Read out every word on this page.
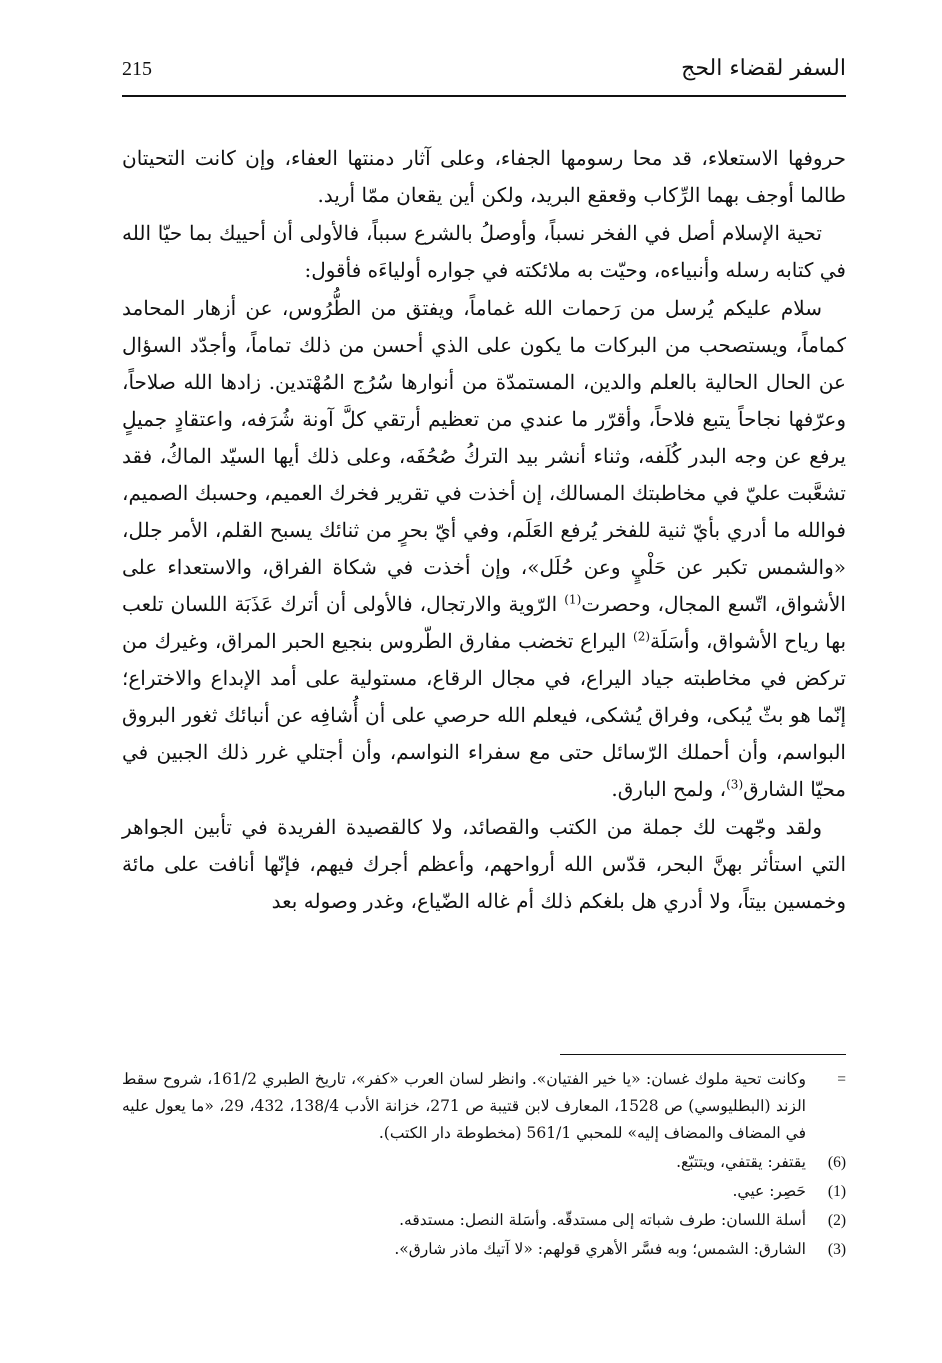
215	السفر لقضاء الحج

حروفها الاستعلاء، قد محا رسومها الجفاء، وعلى آثار دمنتها العفاء، وإن كانت التحيتان طالما أوجف بهما الرِّكاب وقعقع البريد، ولكن أين يقعان ممّا أريد.

تحية الإسلام أصل في الفخر نسباً، وأوصلُ بالشرع سبباً، فالأولى أن أحييك بما حيّا الله في كتابه رسله وأنبياءه، وحيّت به ملائكته في جواره أولياءَه فأقول:

سلام عليكم يُرسل من رَحمات الله غماماً، ويفتق من الطُّرُوس، عن أزهار المحامد كماماً، ويستصحب من البركات ما يكون على الذي أحسن من ذلك تماماً، وأجدّد السؤال عن الحال الحالية بالعلم والدين، المستمدّة من أنوارها سُرُج المُهْتدين. زادها الله صلاحاً، وعرّفها نجاحاً يتبع فلاحاً، وأقرّر ما عندي من تعظيم أرتقي كلَّ آونة شُرَفه، واعتقادٍ جميلٍ يرفع عن وجه البدر كُلَفه، وثناء أنشر بيد التركُ صُحُفَه، وعلى ذلك أيها السيّد الماكُ، فقد تشعَّبت عليّ في مخاطبتك المسالك، إن أخذت في تقرير فخرك العميم، وحسبك الصميم، فوالله ما أدري بأيّ ثنية للفخر يُرفع العَلَم، وفي أيّ بحرٍ من ثنائك يسبح القلم، الأمر جلل، «والشمس تكبر عن حَلْيٍ وعن حُلَل»، وإن أخذت في شكاة الفراق، والاستعداء على الأشواق، اتّسع المجال، وحصرت$^{(1)}$ الرّوية والارتجال، فالأولى أن أترك عَذَبَة اللسان تلعب بها رياح الأشواق، وأسَلَة$^{(2)}$ اليراع تخضب مفارق الطّروس بنجيع الحبر المراق، وغيرك من تركض في مخاطبته جياد اليراع، في مجال الرقاع، مستولية على أمد الإبداع والاختراع؛ إنّما هو بثّ يُبكى، وفراق يُشكى، فيعلم الله حرصي على أن أُشافِه عن أنبائك ثغور البروق البواسم، وأن أحملك الرّسائل حتى مع سفراء النواسم، وأن أجتلي غرر ذلك الجبين في محيّا الشارق$^{(3)}$، ولمح البارق.

ولقد وجّهت لك جملة من الكتب والقصائد، ولا كالقصيدة الفريدة في تأبين الجواهر التي استأثر بهنَّ البحر، قدّس الله أرواحهم، وأعظم أجرك فيهم، فإنّها أنافت على مائة وخمسين بيتاً، ولا أدري هل بلغكم ذلك أم غاله الضّياع، وغدر وصوله بعد

=
وكانت تحية ملوك غسان: «يا خير الفتيان». وانظر لسان العرب «كفر»، تاريخ الطبري 161/2، شروح سقط الزند (البطليوسي) ص 1528، المعارف لابن قتيبة ص 271، خزانة الأدب 138/4، 432، 29، «ما يعول عليه في المضاف والمضاف إليه» للمحبي 561/1 (مخطوطة دار الكتب).
(6)
يقتفر: يقتفي، ويتتبّع.
(1)
حَصِر: عيي.
(2)
أسلة اللسان: طرف شباته إلى مستدقّه. وأسَلة النصل: مستدقه.
(3)
الشارق: الشمس؛ وبه فسَّر الأهري قولهم: «لا آتيك ماذر شارق».
